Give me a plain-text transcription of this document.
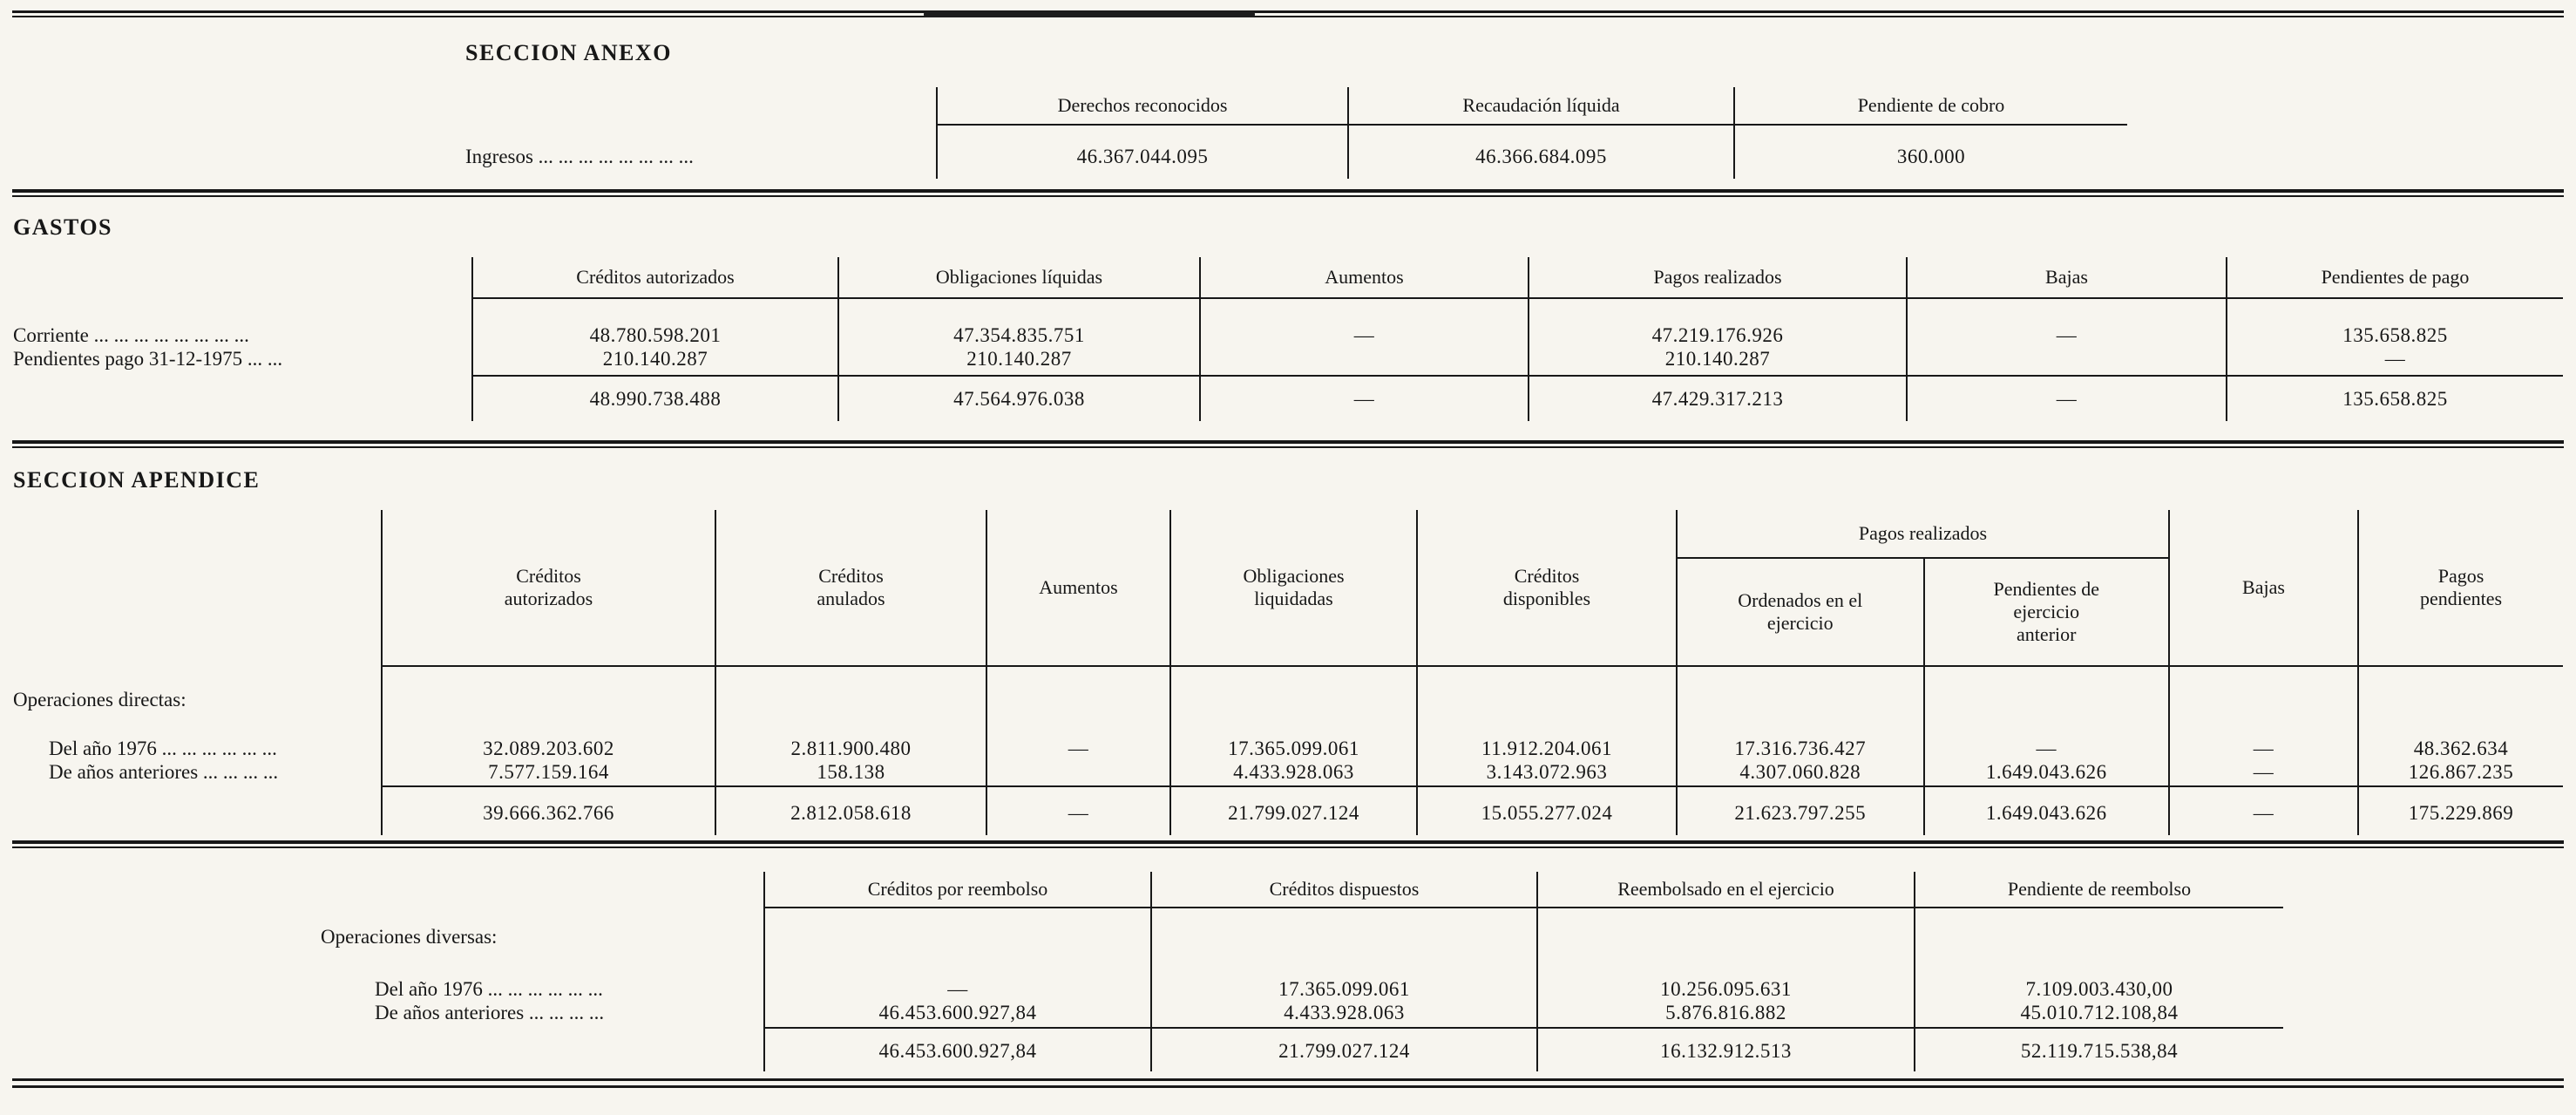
SECCION ANEXO
Ingresos ... ... ... ... ... ... ... ...
Derechos reconocidos
46.367.044.095
Recaudación líquida
46.366.684.095
Pendiente de cobro
360.000
GASTOS
Corriente ... ... ... ... ... ... ... ...
Pendientes pago 31-12-1975 ... ...
Créditos autorizados
48.780.598.201
210.140.287
48.990.738.488
Obligaciones líquidas
47.354.835.751
210.140.287
47.564.976.038
Aumentos
—
—
Pagos realizados
47.219.176.926
210.140.287
47.429.317.213
Bajas
—
—
Pendientes de pago
135.658.825
—
135.658.825
SECCION APENDICE
Operaciones directas:
Del año 1976 ... ... ... ... ... ...
De años anteriores ... ... ... ...
Créditos autorizados
32.089.203.602
7.577.159.164
39.666.362.766
Créditos anulados
2.811.900.480
158.138
2.812.058.618
Aumentos
—
—
Obligaciones liquidadas
17.365.099.061
4.433.928.063
21.799.027.124
Créditos disponibles
11.912.204.061
3.143.072.963
15.055.277.024
Pagos realizados
Ordenados en el ejercicio
17.316.736.427
4.307.060.828
21.623.797.255
Pendientes de ejercicio anterior
—
1.649.043.626
1.649.043.626
Bajas
—
—
—
Pagos pendientes
48.362.634
126.867.235
175.229.869
Operaciones diversas:
Del año 1976 ... ... ... ... ... ...
De años anteriores ... ... ... ...
Créditos por reembolso
—
46.453.600.927,84
46.453.600.927,84
Créditos dispuestos
17.365.099.061
4.433.928.063
21.799.027.124
Reembolsado en el ejercicio
10.256.095.631
5.876.816.882
16.132.912.513
Pendiente de reembolso
7.109.003.430,00
45.010.712.108,84
52.119.715.538,84
